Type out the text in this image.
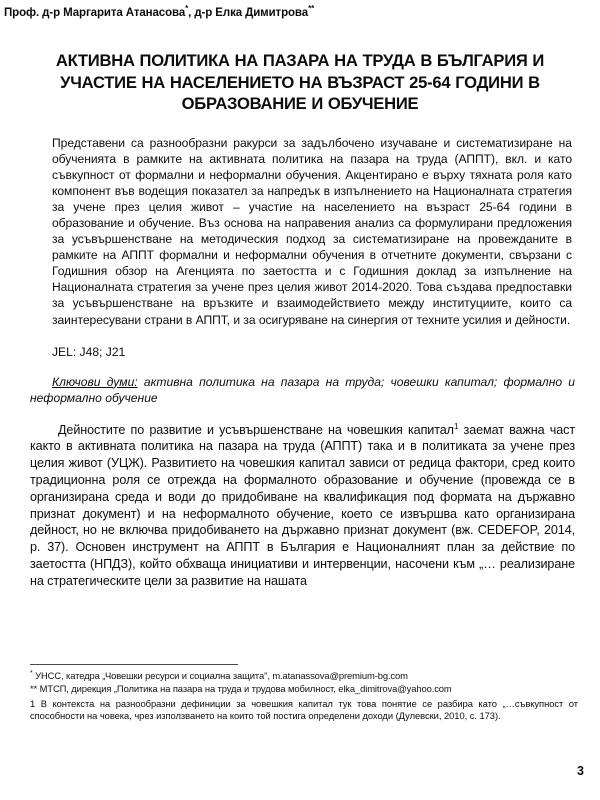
Проф. д-р Маргарита Атанасова*, д-р Елка Димитрова**
АКТИВНА ПОЛИТИКА НА ПАЗАРА НА ТРУДА В БЪЛГАРИЯ И
УЧАСТИЕ НА НАСЕЛЕНИЕТО НА ВЪЗРАСТ 25-64 ГОДИНИ В
ОБРАЗОВАНИЕ И ОБУЧЕНИЕ

Представени са разнообразни ракурси за задълбочено изучаване и систематизиране на обученията в рамките на активната политика на пазара на труда (АППТ), вкл. и като съвкупност от формални и неформални обучения. Акцентирано е върху тяхната роля като компонент във водещия показател за напредък в изпълнението на Националната стратегия за учене през целия живот – участие на населението на възраст 25-64 години в образование и обучение. Въз основа на направения анализ са формулирани предложения за усъвършенстване на методическия подход за систематизиране на провежданите в рамките на АППТ формални и неформални обучения в отчетните документи, свързани с Годишния обзор на Агенцията по заетостта и с Годишния доклад за изпълнение на Националната стратегия за учене през целия живот 2014-2020. Това създава предпоставки за усъвършенстване на връзките и взаимодействието между институциите, които са заинтересувани страни в АППТ, и за осигуряване на синергия от техните усилия и дейности.

JEL: J48; J21

Ключови думи: активна политика на пазара на труда; човешки капитал; формално и неформално обучение

Дейностите по развитие и усъвършенстване на човешкия капитал$^1$ заемат важна част както в активната политика на пазара на труда (АППТ) така и в политиката за учене през целия живот (УЦЖ). Развитието на човешкия капитал зависи от редица фактори, сред които традиционна роля се отрежда на формалното образование и обучение (провежда се в организирана среда и води до придобиване на квалификация под формата на държавно признат документ) и на неформалното обучение, което се извършва като организирана дейност, но не включва придобиването на държавно признат документ (вж. CEDEFOP, 2014, p. 37). Основен инструмент на АППТ в България е Националният план за действие по заетостта (НПДЗ), който обхваща инициативи и интервенции, насочени към „… реализиране на стратегическите цели за развитие на нашата

* УНСС, катедра „Човешки ресурси и социална защита", m.atanassova@premium-bg.com

** МТСП, дирекция „Политика на пазара на труда и трудова мобилност, elka_dimitrova@yahoo.com

1 В контекста на разнообразни дефиниции за човешкия капитал тук това понятие се разбира като „…съвкупност от способности на човека, чрез използването на които той постига определени доходи (Дулевски, 2010, с. 173).

3
